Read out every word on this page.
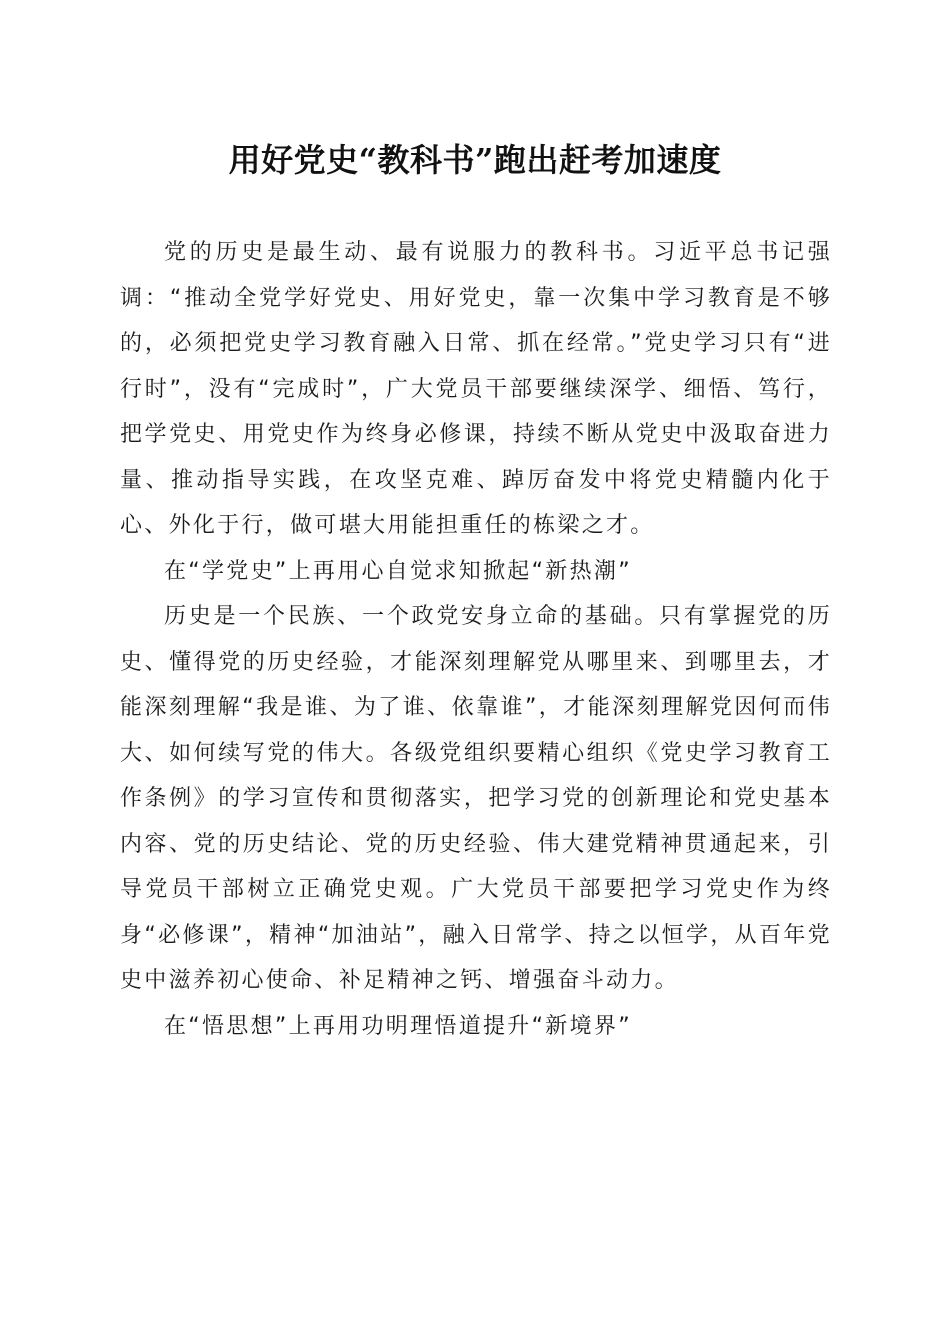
用好党史“教科书”跑出赶考加速度

党的历史是最生动、最有说服力的教科书。习近平总书记强调：“推动全党学好党史、用好党史，靠一次集中学习教育是不够的，必须把党史学习教育融入日常、抓在经常。”党史学习只有“进行时”，没有“完成时”，广大党员干部要继续深学、细悟、笃行，把学党史、用党史作为终身必修课，持续不断从党史中汲取奋进力量、推动指导实践，在攻坚克难、踔厉奋发中将党史精髓内化于心、外化于行，做可堪大用能担重任的栋梁之才。

在“学党史”上再用心自觉求知掀起“新热潮”

历史是一个民族、一个政党安身立命的基础。只有掌握党的历史、懂得党的历史经验，才能深刻理解党从哪里来、到哪里去，才能深刻理解“我是谁、为了谁、依靠谁”，才能深刻理解党因何而伟大、如何续写党的伟大。各级党组织要精心组织《党史学习教育工作条例》的学习宣传和贯彻落实，把学习党的创新理论和党史基本内容、党的历史结论、党的历史经验、伟大建党精神贯通起来，引导党员干部树立正确党史观。广大党员干部要把学习党史作为终身“必修课”，精神“加油站”，融入日常学、持之以恒学，从百年党史中滋养初心使命、补足精神之钙、增强奋斗动力。

在“悟思想”上再用功明理悟道提升“新境界”
